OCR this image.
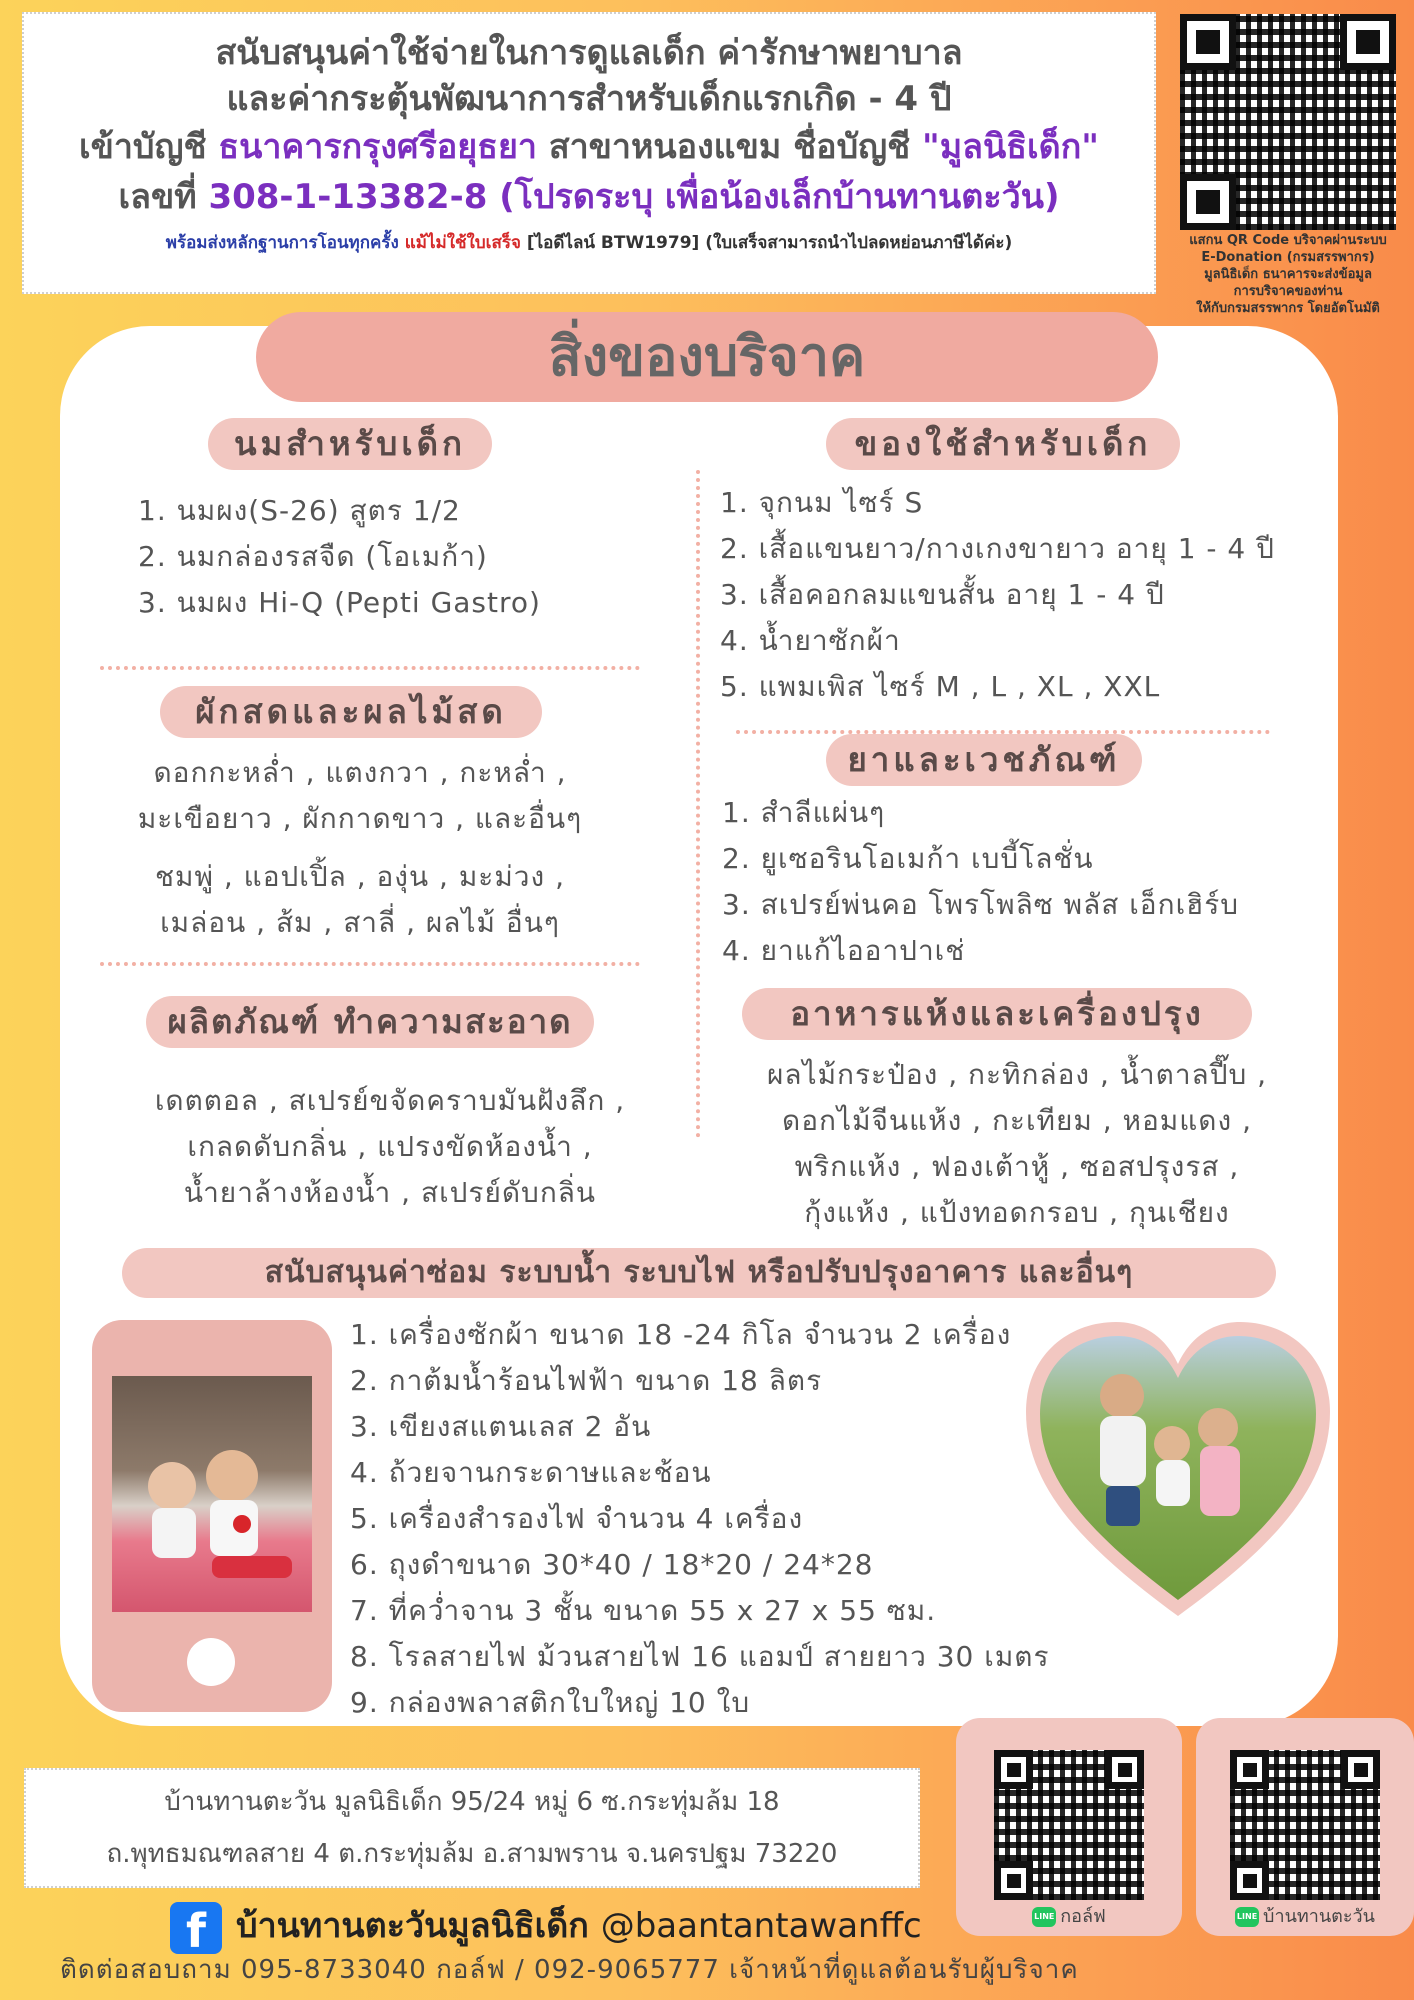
สนับสนุนค่าใช้จ่ายในการดูแลเด็ก ค่ารักษาพยาบาล
และค่ากระตุ้นพัฒนาการสำหรับเด็กแรกเกิด - 4 ปี
เข้าบัญชี ธนาคารกรุงศรีอยุธยา สาขาหนองแขม ชื่อบัญชี "มูลนิธิเด็ก"
เลขที่ 308-1-13382-8 (โปรดระบุ เพื่อน้องเล็กบ้านทานตะวัน)
พร้อมส่งหลักฐานการโอนทุกครั้ง แม้ไม่ใช้ใบเสร็จ [ไอดีไลน์ BTW1979] (ใบเสร็จสามารถนำไปลดหย่อนภาษีได้ค่ะ)	แสกน QR Code บริจาคผ่านระบบ
E-Donation (กรมสรรพากร)
มูลนิธิเด็ก ธนาคารจะส่งข้อมูล
การบริจาคของท่าน
ให้กับกรมสรรพากร โดยอัตโนมัติ
สิ่งของบริจาค
นมสำหรับเด็ก
1. นมผง(S-26) สูตร 1/2
2. นมกล่องรสจืด (โอเมก้า)
3. นมผง Hi-Q (Pepti Gastro)
ของใช้สำหรับเด็ก
1. จุกนม ไซร์ S
2. เสื้อแขนยาว/กางเกงขายาว อายุ 1 - 4 ปี
3. เสื้อคอกลมแขนสั้น อายุ 1 - 4 ปี
4. น้ำยาซักผ้า
5. แพมเพิส ไซร์ M , L , XL , XXL
ผักสดและผลไม้สด
ดอกกะหล่ำ , แตงกวา , กะหล่ำ ,
มะเขือยาว , ผักกาดขาว , และอื่นๆ
ชมพู่ , แอปเปิ้ล , องุ่น , มะม่วง ,
เมล่อน , ส้ม , สาลี่ , ผลไม้ อื่นๆ
ยาและเวชภัณฑ์
1. สำลีแผ่นๆ
2. ยูเซอรินโอเมก้า เบบี้โลชั่น
3. สเปรย์พ่นคอ โพรโพลิซ พลัส เอ็กเฮิร์บ
4. ยาแก้ไออาปาเช่
ผลิตภัณฑ์ ทำความสะอาด
เดตตอล , สเปรย์ขจัดคราบมันฝังลึก ,
เกลดดับกลิ่น , แปรงขัดห้องน้ำ ,
น้ำยาล้างห้องน้ำ , สเปรย์ดับกลิ่น
อาหารแห้งและเครื่องปรุง
ผลไม้กระป๋อง , กะทิกล่อง , น้ำตาลปี๊บ ,
ดอกไม้จีนแห้ง , กะเทียม , หอมแดง ,
พริกแห้ง , ฟองเต้าหู้ , ซอสปรุงรส ,
กุ้งแห้ง , แป้งทอดกรอบ , กุนเชียง
สนับสนุนค่าซ่อม ระบบน้ำ ระบบไฟ หรือปรับปรุงอาคาร และอื่นๆ
1. เครื่องซักผ้า ขนาด 18 -24 กิโล จำนวน 2 เครื่อง
2. กาต้มน้ำร้อนไฟฟ้า ขนาด 18 ลิตร
3. เขียงสแตนเลส 2 อัน
4. ถ้วยจานกระดาษและช้อน
5. เครื่องสำรองไฟ จำนวน 4 เครื่อง
6. ถุงดำขนาด 30*40 / 18*20 / 24*28
7. ที่คว่ำจาน 3 ชั้น ขนาด 55 x 27 x 55 ซม.
8. โรลสายไฟ ม้วนสายไฟ 16 แอมป์ สายยาว 30 เมตร
9. กล่องพลาสติกใบใหญ่ 10 ใบ
บ้านทานตะวัน มูลนิธิเด็ก 95/24 หมู่ 6 ซ.กระทุ่มล้ม 18
ถ.พุทธมณฑลสาย 4 ต.กระทุ่มล้ม อ.สามพราน จ.นครปฐม 73220
f บ้านทานตะวันมูลนิธิเด็ก @baantantawanffc
ติดต่อสอบถาม 095-8733040 กอล์ฟ / 092-9065777 เจ้าหน้าที่ดูแลต้อนรับผู้บริจาค
LINE กอล์ฟ	LINE บ้านทานตะวัน
